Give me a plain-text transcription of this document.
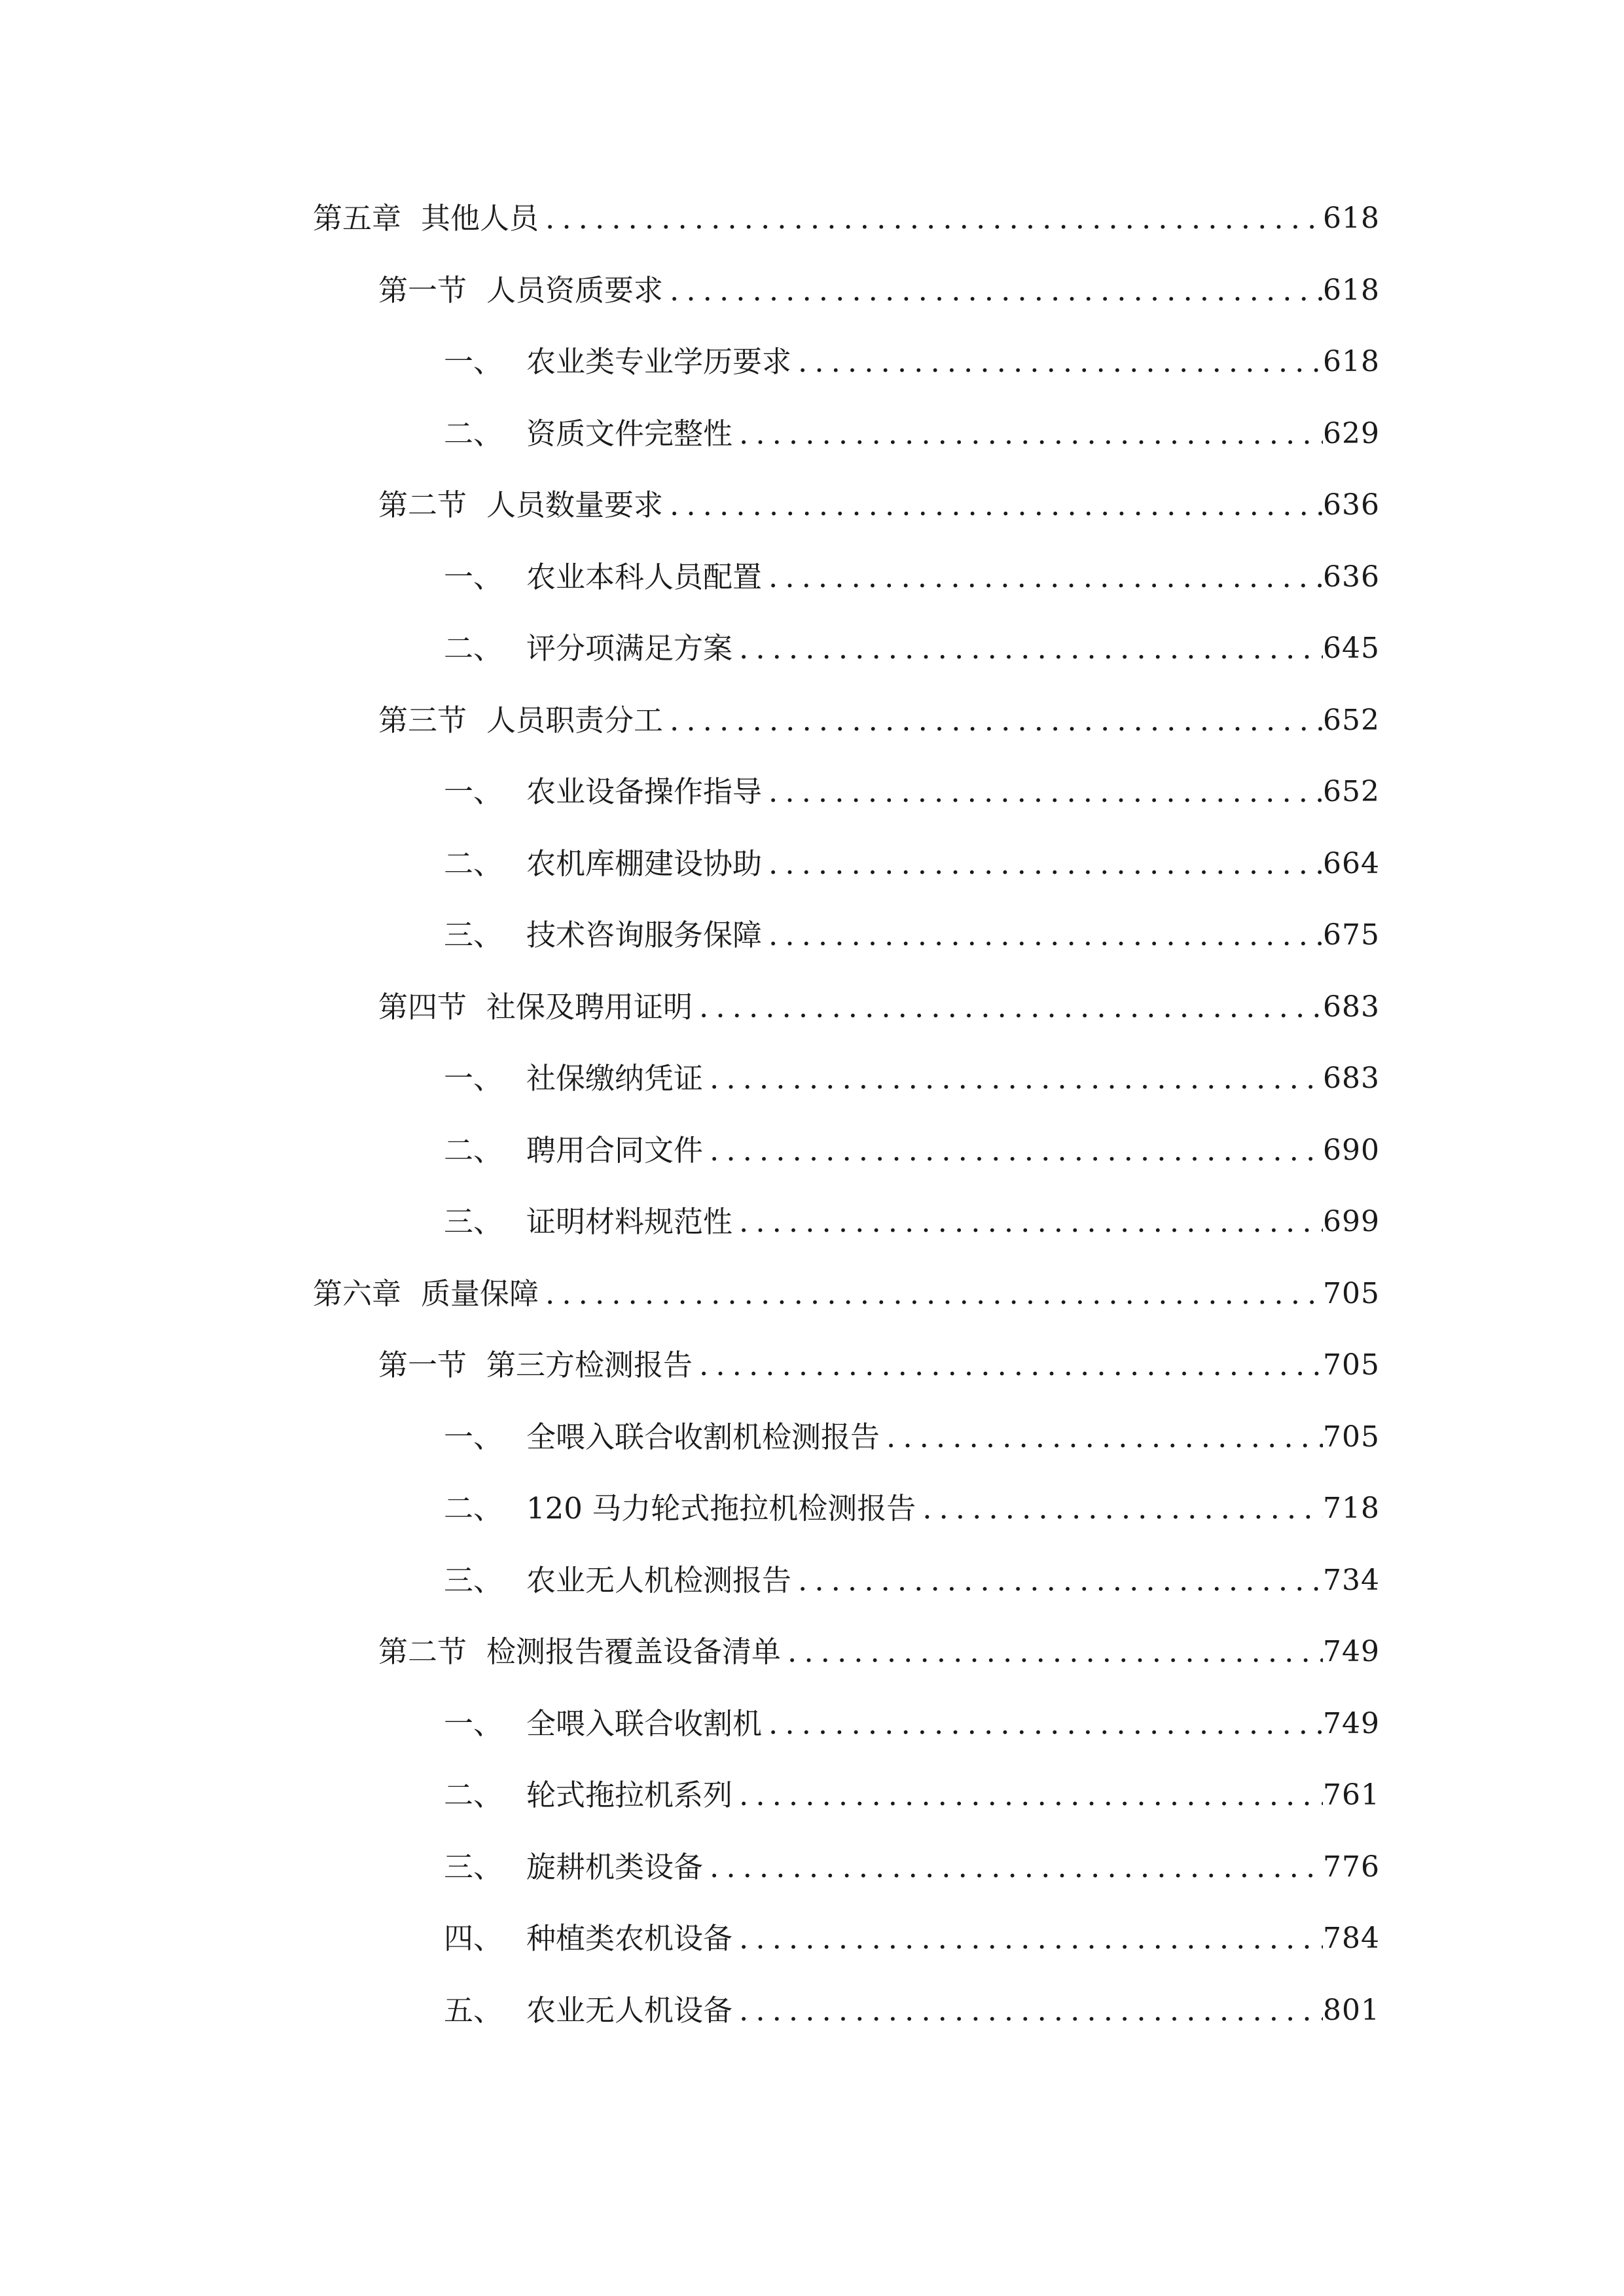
第五章 其他人员 .....	618
第一节 人员资质要求 .....	618
一、 农业类专业学历要求 .....	618
二、 资质文件完整性 .....	629
第二节 人员数量要求 .....	636
一、 农业本科人员配置 .....	636
二、 评分项满足方案 .....	645
第三节 人员职责分工 .....	652
一、 农业设备操作指导 .....	652
二、 农机库棚建设协助 .....	664
三、 技术咨询服务保障 .....	675
第四节 社保及聘用证明 .....	683
一、 社保缴纳凭证 .....	683
二、 聘用合同文件 .....	690
三、 证明材料规范性 .....	699
第六章 质量保障 .....	705
第一节 第三方检测报告 .....	705
一、 全喂入联合收割机检测报告 .....	705
二、 120 马力轮式拖拉机检测报告 .....	718
三、 农业无人机检测报告 .....	734
第二节 检测报告覆盖设备清单 .....	749
一、 全喂入联合收割机 .....	749
二、 轮式拖拉机系列 .....	761
三、 旋耕机类设备 .....	776
四、 种植类农机设备 .....	784
五、 农业无人机设备 .....	801
